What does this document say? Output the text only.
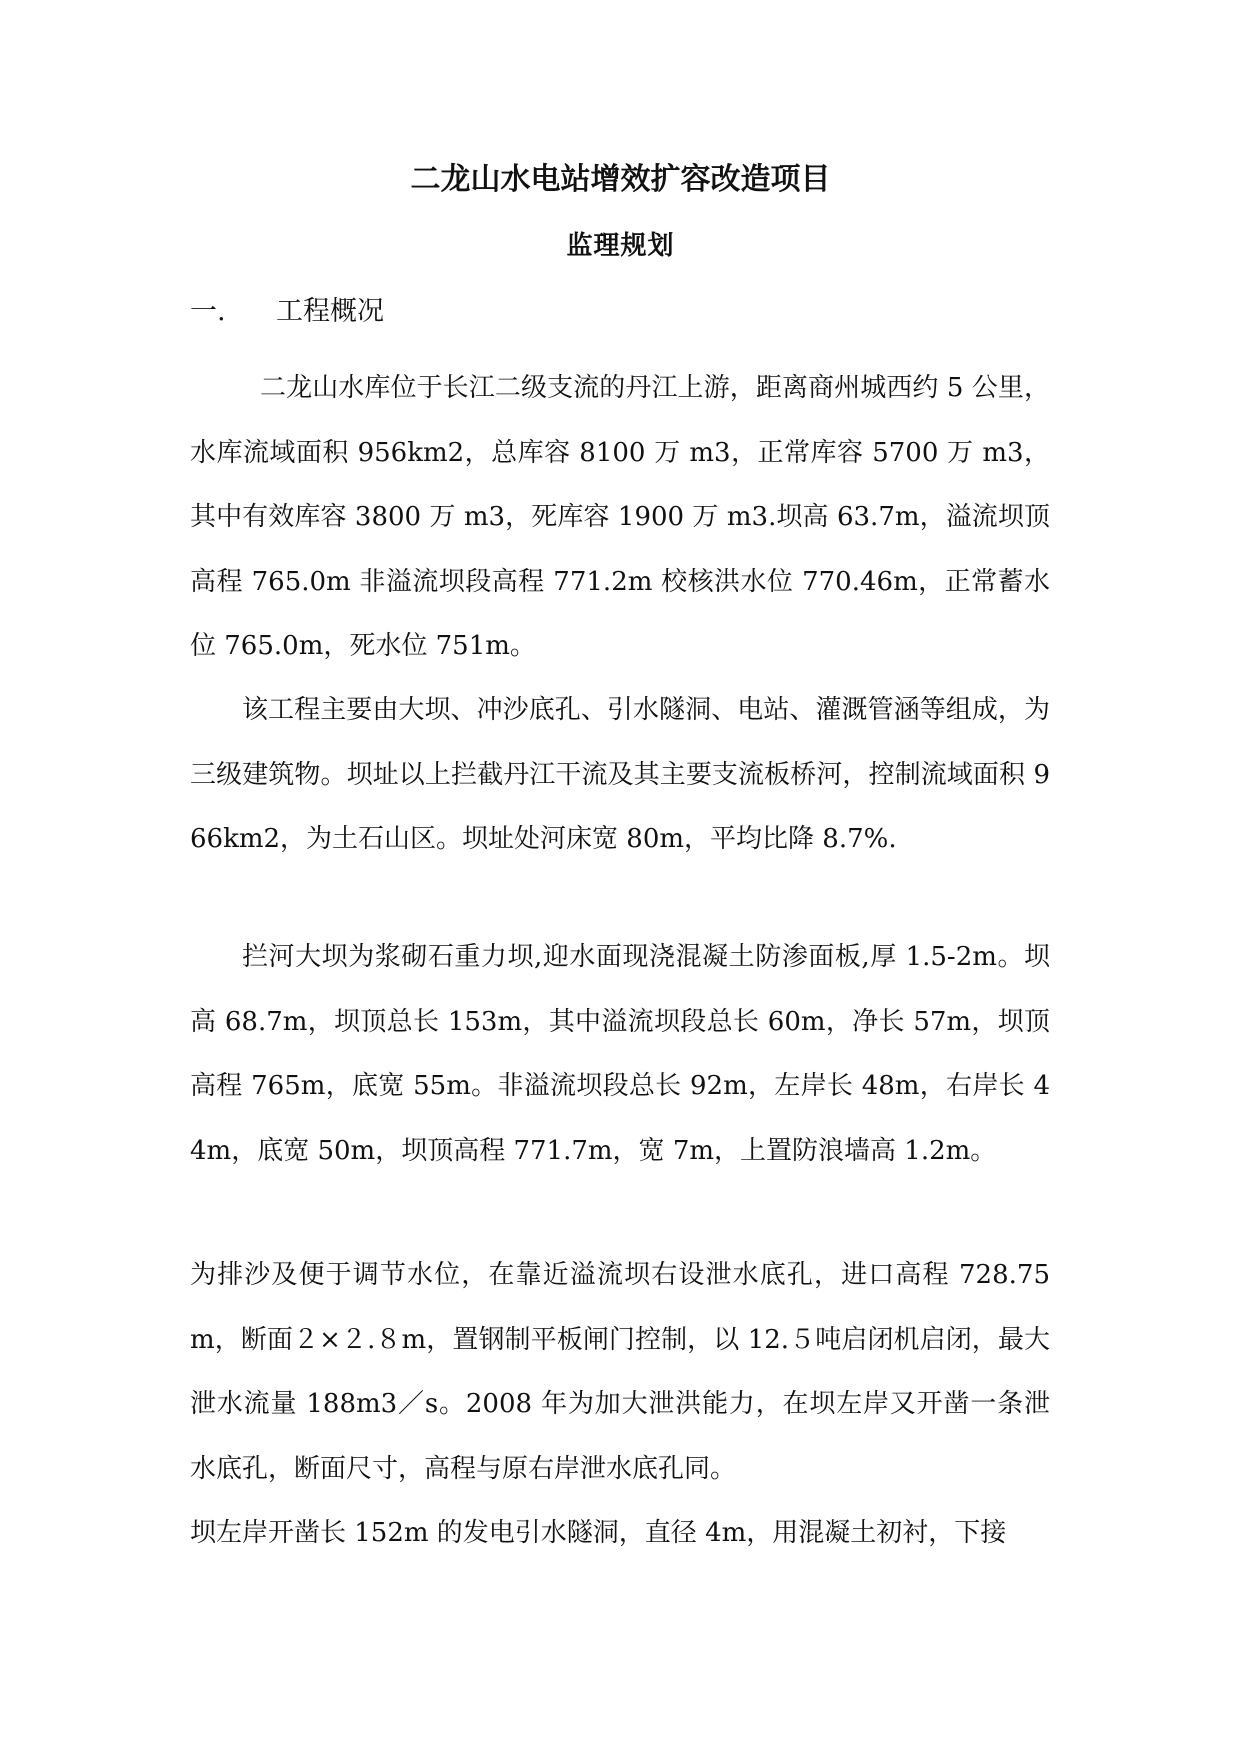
二龙山水电站增效扩容改造项目
监理规划
一. 工程概况

二龙山水库位于长江二级支流的丹江上游，距离商州城西约 5 公里，水库流域面积 956km2，总库容 8100 万 m3，正常库容 5700 万 m3，其中有效库容 3800 万 m3，死库容 1900 万 m3.坝高 63.7m，溢流坝顶高程 765.0m 非溢流坝段高程 771.2m 校核洪水位 770.46m，正常蓄水位 765.0m，死水位 751m。

该工程主要由大坝、冲沙底孔、引水隧洞、电站、灌溉管涵等组成，为三级建筑物。坝址以上拦截丹江干流及其主要支流板桥河，控制流域面积 966km2，为土石山区。坝址处河床宽 80m，平均比降 8.7%.

拦河大坝为浆砌石重力坝,迎水面现浇混凝土防渗面板,厚 1.5-2m。坝高 68.7m，坝顶总长 153m，其中溢流坝段总长 60m，净长 57m，坝顶高程 765m，底宽 55m。非溢流坝段总长 92m，左岸长 48m，右岸长 44m，底宽 50m，坝顶高程 771.7m，宽 7m，上置防浪墙高 1.2m。

为排沙及便于调节水位，在靠近溢流坝右设泄水底孔，进口高程 728.75m，断面２×２.８m，置钢制平板闸门控制，以 12.５吨启闭机启闭，最大泄水流量 188m3／s。2008 年为加大泄洪能力，在坝左岸又开凿一条泄水底孔，断面尺寸，高程与原右岸泄水底孔同。

坝左岸开凿长 152m 的发电引水隧洞，直径 4m，用混凝土初衬，下接
